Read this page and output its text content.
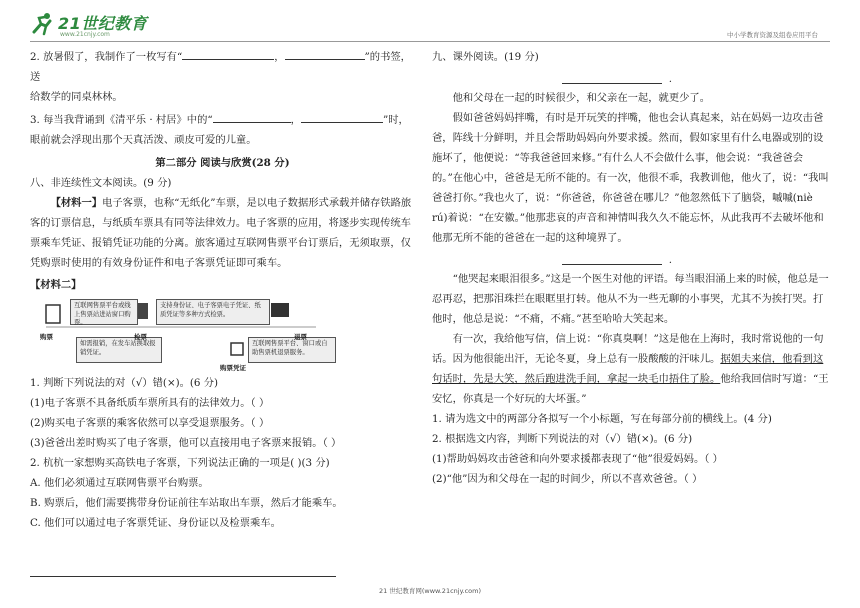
21世纪教育
www.21cnjy.com	中小学教育资源及组卷应用平台

2. 放暑假了，我制作了一枚写有“	，	”的书签，送

给数学的同桌林林。

3. 每当我背诵到《清平乐 · 村居》中的“	，	”时，

眼前就会浮现出那个天真活泼、顽皮可爱的儿童。

第二部分 阅读与欣赏(28 分)

八、非连续性文本阅读。(9 分)

【材料一】电子客票，也称“无纸化”车票，是以电子数据形式承载并储存铁路旅客的订票信息，与纸质车票具有同等法律效力。电子客票的应用，将逐步实现传统车票乘车凭证、报销凭证功能的分离。旅客通过互联网售票平台订票后，无须取票，仅凭购票时使用的有效身份证件和电子客票凭证即可乘车。

【材料二】

互联网售票平台或线上售票站进站窗口购票。
支持身份证、电子客票电子凭证、纸质凭证等多种方式检票。
如需报销，在发车站换取报销凭证。
互联网售票平台、窗口或自助售票机退票服务。
购票	检票	退票
购票凭证

1. 判断下列说法的对（√）错(×)。(6 分)

(1)电子客票不具备纸质车票所具有的法律效力。（ ）

(2)购买电子客票的乘客依然可以享受退票服务。（ ）

(3)爸爸出差时购买了电子客票，他可以直接用电子客票来报销。（ ）

2. 杭杭一家想购买高铁电子客票，下列说法正确的一项是( )(3 分)

A. 他们必须通过互联网售票平台购票。

B. 购票后，他们需要携带身份证前往车站取出车票，然后才能乘车。

C. 他们可以通过电子客票凭证、身份证以及检票乘车。

九、课外阅读。(19 分)

.

他和父母在一起的时候很少，和父亲在一起，就更少了。

假如爸爸妈妈拌嘴，有时是开玩笑的拌嘴，他也会认真起来，站在妈妈一边攻击爸爸，阵线十分鲜明，并且会帮助妈妈向外要求援。然而，假如家里有什么电器或别的设施坏了，他便说：“等我爸爸回来修。”有什么人不会做什么事，他会说：“我爸爸会的。”在他心中，爸爸是无所不能的。有一次，他很不乖，我教训他，他火了，说：“我叫爸爸打你。”我也火了，说：“你爸爸，你爸爸在哪儿？”他忽然低下了脑袋，嘁嘁(niè rú)着说：“在安徽。”他那悲哀的声音和神情叫我久久不能忘怀，从此我再不去破坏他和他那无所不能的爸爸在一起的这种境界了。

.

“他哭起来眼泪很多。”这是一个医生对他的评语。每当眼泪涌上来的时候，他总是一忍再忍，把那泪珠拦在眼眶里打转。他从不为一些无聊的小事哭，尤其不为挨打哭。打他时，他总是说：“不痛，不痛。”甚至哈哈大笑起来。

有一次，我给他写信，信上说：“你真臭啊！”这是他在上海时，我时常说他的一句话。因为他很能出汗，无论冬夏，身上总有一股酸酸的汗味儿。据姐夫来信，他看到这句话时，先是大笑，然后跑进洗手间，拿起一块毛巾捂住了脸。他给我回信时写道：“王安忆，你真是一个好玩的大坏蛋。”

1. 请为选文中的两部分各拟写一个小标题，写在每部分前的横线上。(4 分)

2. 根据选文内容，判断下列说法的对（√）错(×)。(6 分)

(1)帮助妈妈攻击爸爸和向外要求援都表现了“他”很爱妈妈。（ ）

(2)“他”因为和父母在一起的时间少，所以不喜欢爸爸。（ ）

21 世纪教育网(www.21cnjy.com)
